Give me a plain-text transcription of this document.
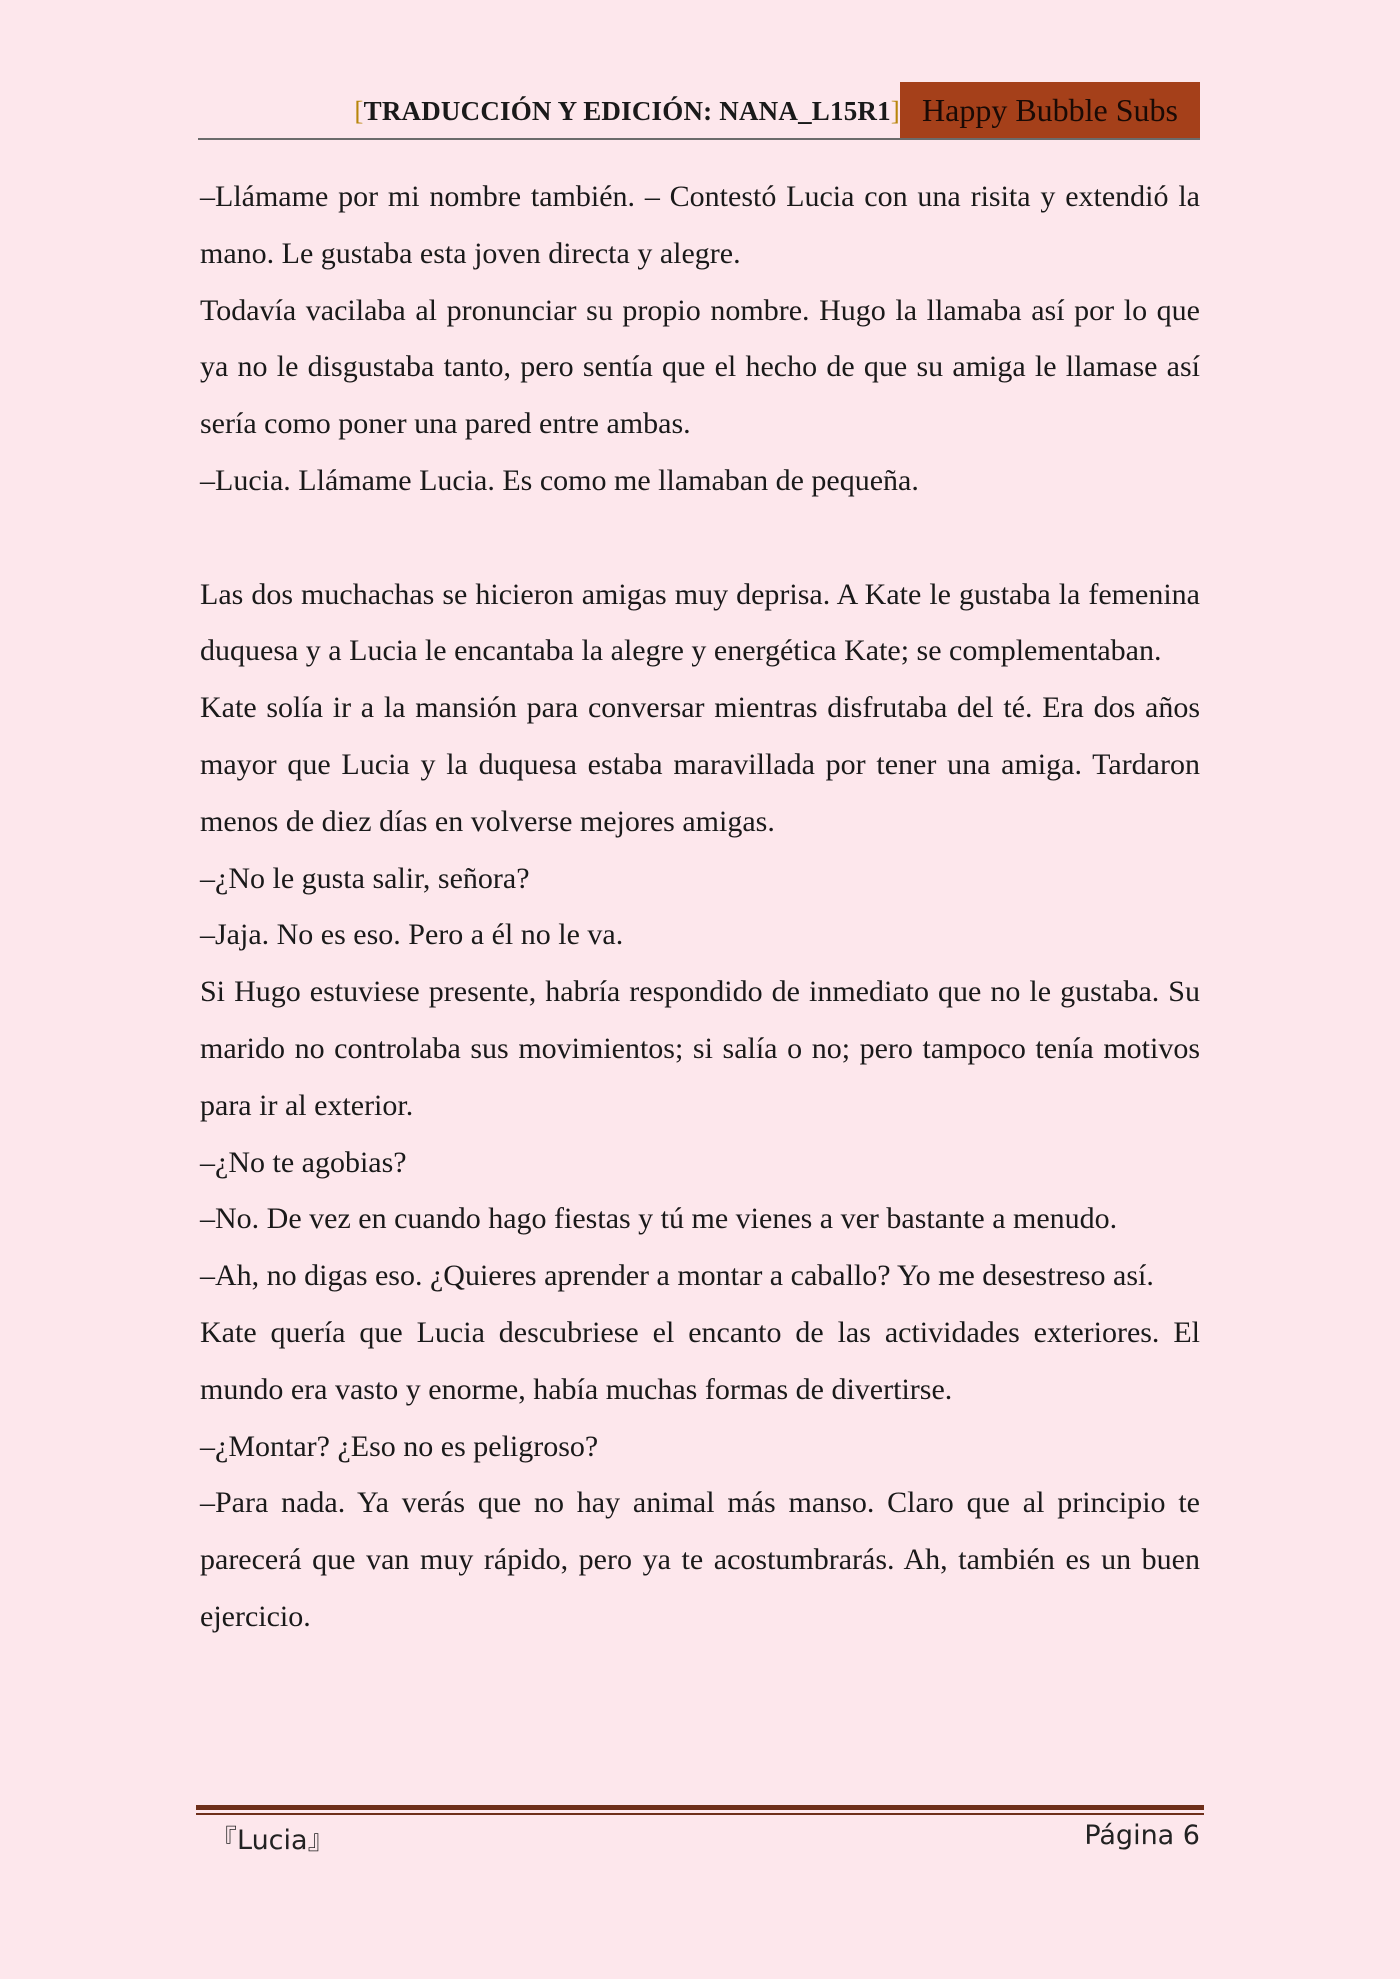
[TRADUCCIÓN Y EDICIÓN: NANA_L15R1] Happy Bubble Subs

–Llámame por mi nombre también. – Contestó Lucia con una risita y extendió la mano. Le gustaba esta joven directa y alegre.

Todavía vacilaba al pronunciar su propio nombre. Hugo la llamaba así por lo que ya no le disgustaba tanto, pero sentía que el hecho de que su amiga le llamase así sería como poner una pared entre ambas.

–Lucia. Llámame Lucia. Es como me llamaban de pequeña.

Las dos muchachas se hicieron amigas muy deprisa. A Kate le gustaba la femenina duquesa y a Lucia le encantaba la alegre y energética Kate; se complementaban.

Kate solía ir a la mansión para conversar mientras disfrutaba del té. Era dos años mayor que Lucia y la duquesa estaba maravillada por tener una amiga. Tardaron menos de diez días en volverse mejores amigas.

–¿No le gusta salir, señora?

–Jaja. No es eso. Pero a él no le va.

Si Hugo estuviese presente, habría respondido de inmediato que no le gustaba. Su marido no controlaba sus movimientos; si salía o no; pero tampoco tenía motivos para ir al exterior.

–¿No te agobias?

–No. De vez en cuando hago fiestas y tú me vienes a ver bastante a menudo.

–Ah, no digas eso. ¿Quieres aprender a montar a caballo? Yo me desestreso así.

Kate quería que Lucia descubriese el encanto de las actividades exteriores. El mundo era vasto y enorme, había muchas formas de divertirse.

–¿Montar? ¿Eso no es peligroso?

–Para nada. Ya verás que no hay animal más manso. Claro que al principio te parecerá que van muy rápido, pero ya te acostumbrarás. Ah, también es un buen ejercicio.

『Lucia』	Página 6
